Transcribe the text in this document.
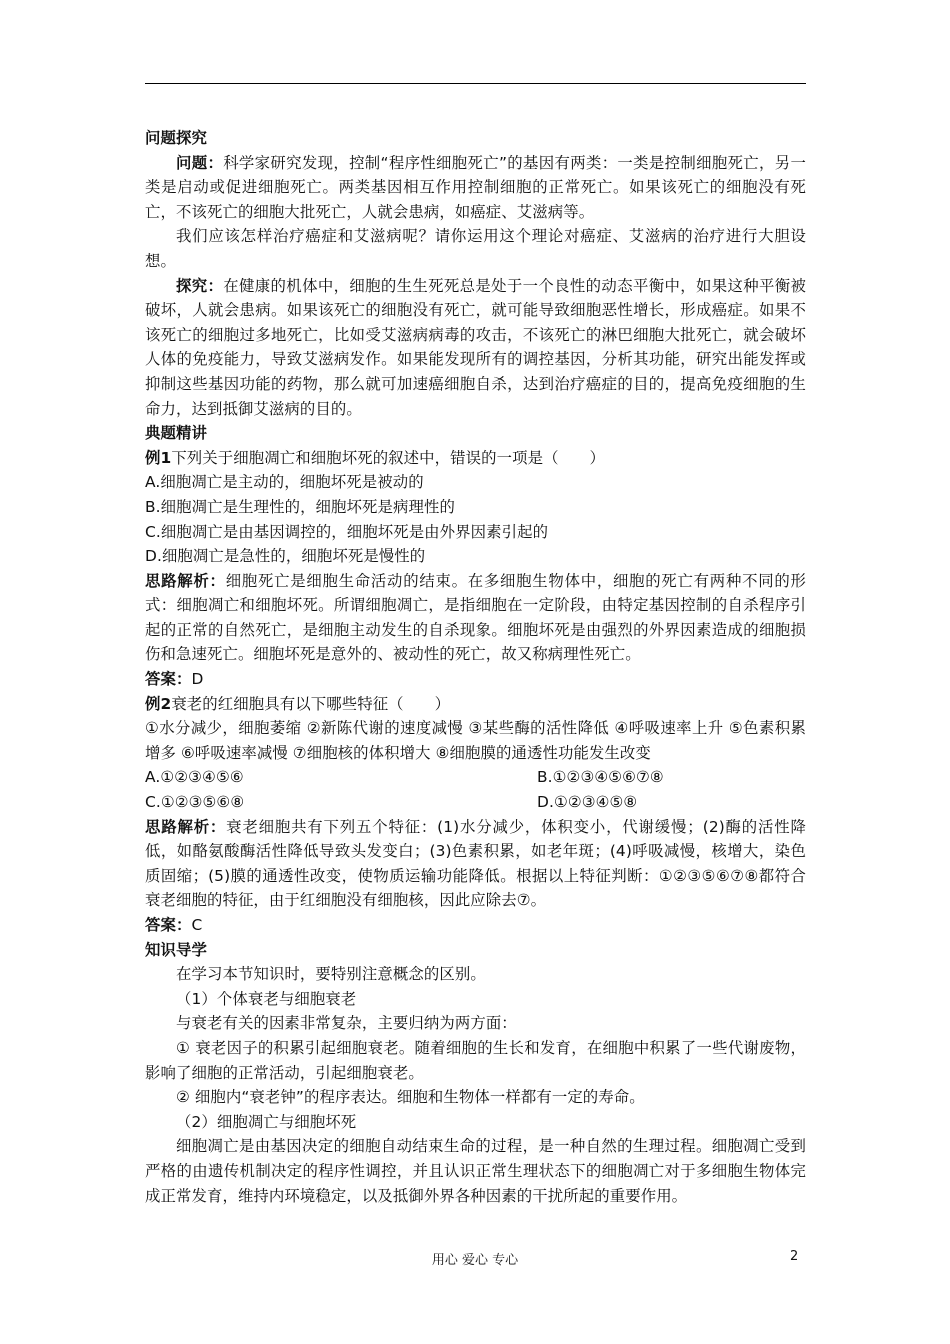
问题探究

问题：科学家研究发现，控制“程序性细胞死亡”的基因有两类：一类是控制细胞死亡，另一类是启动或促进细胞死亡。两类基因相互作用控制细胞的正常死亡。如果该死亡的细胞没有死亡，不该死亡的细胞大批死亡，人就会患病，如癌症、艾滋病等。

我们应该怎样治疗癌症和艾滋病呢？请你运用这个理论对癌症、艾滋病的治疗进行大胆设想。

探究：在健康的机体中，细胞的生生死死总是处于一个良性的动态平衡中，如果这种平衡被破坏，人就会患病。如果该死亡的细胞没有死亡，就可能导致细胞恶性增长，形成癌症。如果不该死亡的细胞过多地死亡，比如受艾滋病病毒的攻击，不该死亡的淋巴细胞大批死亡，就会破坏人体的免疫能力，导致艾滋病发作。如果能发现所有的调控基因，分析其功能，研究出能发挥或抑制这些基因功能的药物，那么就可加速癌细胞自杀，达到治疗癌症的目的，提高免疫细胞的生命力，达到抵御艾滋病的目的。

典题精讲

例1下列关于细胞凋亡和细胞坏死的叙述中，错误的一项是（　　）

A.细胞凋亡是主动的，细胞坏死是被动的

B.细胞凋亡是生理性的，细胞坏死是病理性的

C.细胞凋亡是由基因调控的，细胞坏死是由外界因素引起的

D.细胞凋亡是急性的，细胞坏死是慢性的

思路解析：细胞死亡是细胞生命活动的结束。在多细胞生物体中，细胞的死亡有两种不同的形式：细胞凋亡和细胞坏死。所谓细胞凋亡，是指细胞在一定阶段，由特定基因控制的自杀程序引起的正常的自然死亡，是细胞主动发生的自杀现象。细胞坏死是由强烈的外界因素造成的细胞损伤和急速死亡。细胞坏死是意外的、被动性的死亡，故又称病理性死亡。

答案：D

例2衰老的红细胞具有以下哪些特征（　　）

①水分减少，细胞萎缩 ②新陈代谢的速度减慢 ③某些酶的活性降低 ④呼吸速率上升 ⑤色素积累增多 ⑥呼吸速率减慢 ⑦细胞核的体积增大 ⑧细胞膜的通透性功能发生改变

A.①②③④⑤⑥	B.①②③④⑤⑥⑦⑧

C.①②③⑤⑥⑧	D.①②③④⑤⑧

思路解析：衰老细胞共有下列五个特征：(1)水分减少，体积变小，代谢缓慢；(2)酶的活性降低，如酪氨酸酶活性降低导致头发变白；(3)色素积累，如老年斑；(4)呼吸减慢，核增大，染色质固缩；(5)膜的通透性改变，使物质运输功能降低。根据以上特征判断：①②③⑤⑥⑦⑧都符合衰老细胞的特征，由于红细胞没有细胞核，因此应除去⑦。

答案：C

知识导学

在学习本节知识时，要特别注意概念的区别。

（1）个体衰老与细胞衰老

与衰老有关的因素非常复杂，主要归纳为两方面：

① 衰老因子的积累引起细胞衰老。随着细胞的生长和发育，在细胞中积累了一些代谢废物，影响了细胞的正常活动，引起细胞衰老。

② 细胞内“衰老钟”的程序表达。细胞和生物体一样都有一定的寿命。

（2）细胞凋亡与细胞坏死

细胞凋亡是由基因决定的细胞自动结束生命的过程，是一种自然的生理过程。细胞凋亡受到严格的由遗传机制决定的程序性调控，并且认识正常生理状态下的细胞凋亡对于多细胞生物体完成正常发育，维持内环境稳定，以及抵御外界各种因素的干扰所起的重要作用。

用心 爱心 专心	2
